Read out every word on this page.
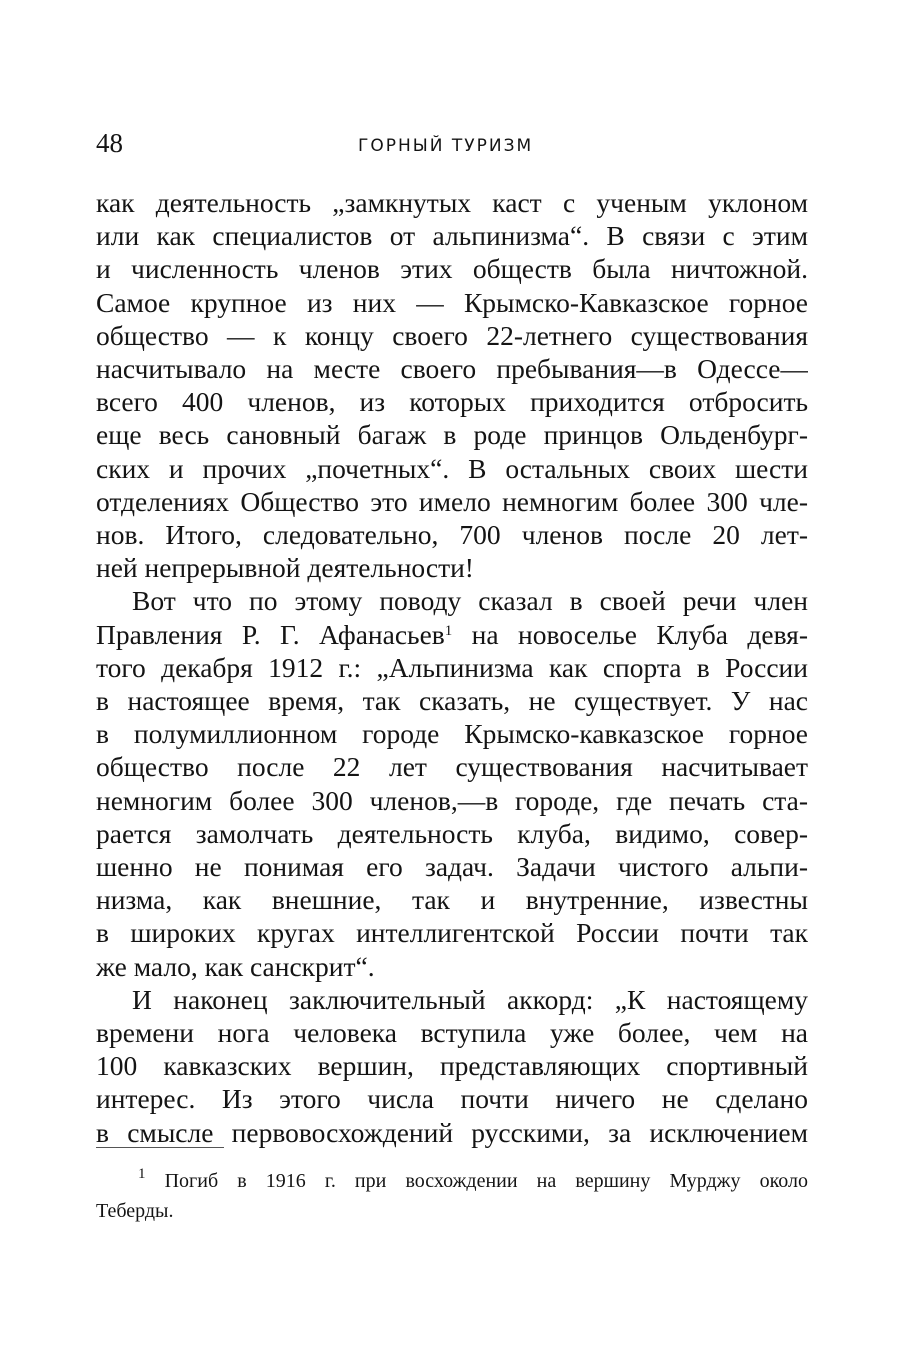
48	ГОРНЫЙ ТУРИЗМ
как деятельность „замкнутых каст с ученым уклоном
или как специалистов от альпинизма“. В связи с этим
и численность членов этих обществ была ничтожной.
Самое крупное из них — Крымско-Кавказское горное
общество — к концу своего 22-летнего существования
насчитывало на месте своего пребывания—в Одессе—
всего 400 членов, из которых приходится отбросить
еще весь сановный багаж в роде принцов Ольденбург-
ских и прочих „почетных“. В остальных своих шести
отделениях Общество это имело немногим более 300 чле-
нов. Итого, следовательно, 700 членов после 20 лет-
ней непрерывной деятельности!
Вот что по этому поводу сказал в своей речи член
Правления Р. Г. Афанасьев$^1$ на новоселье Клуба девя-
того декабря 1912 г.: „Альпинизма как спорта в России
в настоящее время, так сказать, не существует. У нас
в полумиллионном городе Крымско-кавказское горное
общество после 22 лет существования насчитывает
немногим более 300 членов,—в городе, где печать ста-
рается замолчать деятельность клуба, видимо, совер-
шенно не понимая его задач. Задачи чистого альпи-
низма, как внешние, так и внутренние, известны
в широких кругах интеллигентской России почти так
же мало, как санскрит“.
И наконец заключительный аккорд: „К настоящему
времени нога человека вступила уже более, чем на
100 кавказских вершин, представляющих спортивный
интерес. Из этого числа почти ничего не сделано
в смысле первовосхождений русскими, за исключением
$^1$ Погиб в 1916 г. при восхождении на вершину Мурджу около
Теберды.
